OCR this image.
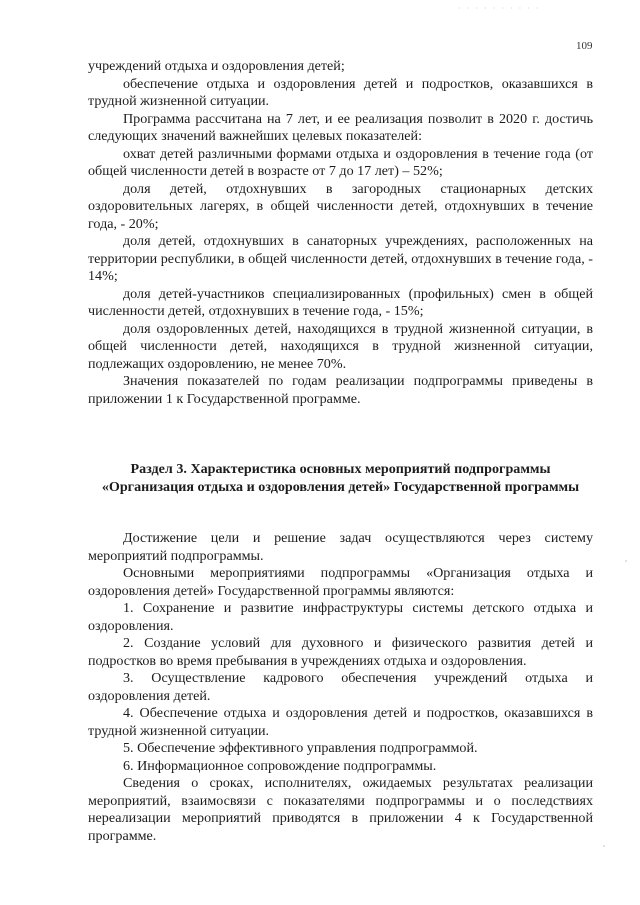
· · · · · · · · · ·
109

учреждений отдыха и оздоровления детей;

обеспечение отдыха и оздоровления детей и подростков, оказавшихся в трудной жизненной ситуации.

Программа рассчитана на 7 лет, и ее реализация позволит в 2020 г. достичь следующих значений важнейших целевых показателей:

охват детей различными формами отдыха и оздоровления в течение года (от общей численности детей в возрасте от 7 до 17 лет) – 52%;

доля детей, отдохнувших в загородных стационарных детских оздоровительных лагерях, в общей численности детей, отдохнувших в течение года, - 20%;

доля детей, отдохнувших в санаторных учреждениях, расположенных на территории республики, в общей численности детей, отдохнувших в течение года, - 14%;

доля детей-участников специализированных (профильных) смен в общей численности детей, отдохнувших в течение года, - 15%;

доля оздоровленных детей, находящихся в трудной жизненной ситуации, в общей численности детей, находящихся в трудной жизненной ситуации, подлежащих оздоровлению, не менее 70%.

Значения показателей по годам реализации подпрограммы приведены в приложении 1 к Государственной программе.

Раздел 3. Характеристика основных мероприятий подпрограммы «Организация отдыха и оздоровления детей» Государственной программы

Достижение цели и решение задач осуществляются через систему мероприятий подпрограммы.

Основными мероприятиями подпрограммы «Организация отдыха и оздоровления детей» Государственной программы являются:

1. Сохранение и развитие инфраструктуры системы детского отдыха и оздоровления.

2. Создание условий для духовного и физического развития детей и подростков во время пребывания в учреждениях отдыха и оздоровления.

3. Осуществление кадрового обеспечения учреждений отдыха и оздоровления детей.

4. Обеспечение отдыха и оздоровления детей и подростков, оказавшихся в трудной жизненной ситуации.

5. Обеспечение эффективного управления подпрограммой.

6. Информационное сопровождение подпрограммы.

Сведения о сроках, исполнителях, ожидаемых результатах реализации мероприятий, взаимосвязи с показателями подпрограммы и о последствиях нереализации мероприятий приводятся в приложении 4 к Государственной программе.
